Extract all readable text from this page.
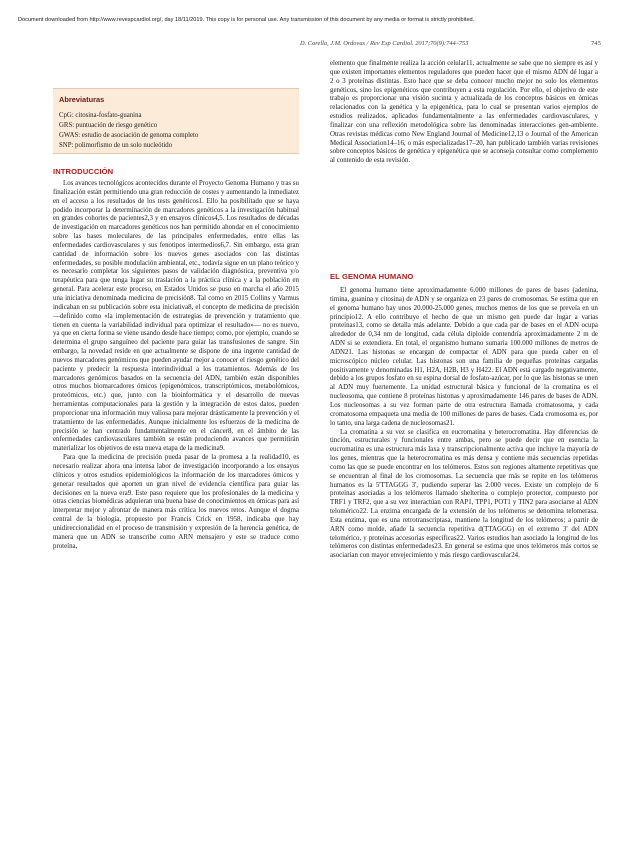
Document downloaded from http://www.revespcardiol.org/, day 18/11/2019. This copy is for personal use. Any transmission of this document by any media or format is strictly prohibited.
D. Corella, J.M. Ordovas / Rev Esp Cardiol. 2017;70(9):744–753	745
Abreviaturas
CpG: citosina-fosfato-guanina
GRS: puntuación de riesgo genético
GWAS: estudio de asociación de genoma completo
SNP: polimorfismo de un solo nucleótido
INTRODUCCIÓN

Los avances tecnológicos acontecidos durante el Proyecto Genoma Humano y tras su finalización están permitiendo una gran reducción de costes y aumentando la inmediatez en el acceso a los resultados de los tests genéticos1. Ello ha posibilitado que se haya podido incorporar la determinación de marcadores genéticos a la investigación habitual en grandes cohortes de pacientes2,3 y en ensayos clínicos4,5. Los resultados de décadas de investigación en marcadores genéticos nos han permitido ahondar en el conocimiento sobre las bases moleculares de las principales enfermedades, entre ellas las enfermedades cardiovasculares y sus fenotipos intermedios6,7. Sin embargo, esta gran cantidad de información sobre los nuevos genes asociados con las distintas enfermedades, su posible modulación ambiental, etc., todavía sigue en un plano teórico y es necesario completar los siguientes pasos de validación diagnóstica, preventiva y/o terapéutica para que tenga lugar su traslación a la práctica clínica y a la población en general. Para acelerar este proceso, en Estados Unidos se puso en marcha el año 2015 una iniciativa denominada medicina de precisión8. Tal como en 2015 Collins y Varmus indicaban en su publicación sobre esta iniciativa8, el concepto de medicina de precisión —definido como «la implementación de estrategias de prevención y tratamiento que tienen en cuenta la variabilidad individual para optimizar el resultado»— no es nuevo, ya que en cierta forma se viene usando desde hace tiempo; como, por ejemplo, cuando se determina el grupo sanguíneo del paciente para guiar las transfusiones de sangre. Sin embargo, la novedad reside en que actualmente se dispone de una ingente cantidad de nuevos marcadores genómicos que pueden ayudar mejor a conocer el riesgo genético del paciente y predecir la respuesta interindividual a los tratamientos. Además de los marcadores genómicos basados en la secuencia del ADN, también están disponibles otros muchos biomarcadores ómicos (epigenómicos, transcriptómicos, metabolómicos, proteómicos, etc.) que, junto con la bioinformática y el desarrollo de nuevas herramientas computacionales para la gestión y la integración de estos datos, pueden proporcionar una información muy valiosa para mejorar drásticamente la prevención y el tratamiento de las enfermedades. Aunque inicialmente los esfuerzos de la medicina de precisión se han centrado fundamentalmente en el cáncer8, en el ámbito de las enfermedades cardiovasculares también se están produciendo avances que permitirán materializar los objetivos de esta nueva etapa de la medicina9.

Para que la medicina de precisión pueda pasar de la promesa a la realidad10, es necesario realizar ahora una intensa labor de investigación incorporando a los ensayos clínicos y otros estudios epidemiológicos la información de los marcadores ómicos y generar resultados que aporten un gran nivel de evidencia científica para guiar las decisiones en la nueva era9. Este paso requiere que los profesionales de la medicina y otras ciencias biomédicas adquieran una buena base de conocimientos en ómicas para así interpretar mejor y afrontar de manera más crítica los nuevos retos. Aunque el dogma central de la biología, propuesto por Francis Crick en 1958, indicaba que hay unidireccionalidad en el proceso de transmisión y expresión de la herencia genética, de manera que un ADN se transcribe como ARN mensajero y este se traduce como proteína,

elemento que finalmente realiza la acción celular11, actualmente se sabe que no siempre es así y que existen importantes elementos reguladores que pueden hacer que el mismo ADN dé lugar a 2 o 3 proteínas distintas. Esto hace que se deba conocer mucho mejor no solo los elementos genéticos, sino los epigenéticos que contribuyen a esta regulación. Por ello, el objetivo de este trabajo es proporcionar una visión sucinta y actualizada de los conceptos básicos en ómicas relacionados con la genética y la epigenética, para lo cual se presentan varios ejemplos de estudios realizados, aplicados fundamentalmente a las enfermedades cardiovasculares, y finalizar con una reflexión metodológica sobre las denominadas interacciones gen-ambiente. Otras revistas médicas como New England Journal of Medicine12,13 o Journal of the American Medical Association14–16, o más especializadas17–20, han publicado también varias revisiones sobre conceptos básicos de genética y epigenética que se aconseja consultar como complemento al contenido de esta revisión.

EL GENOMA HUMANO

El genoma humano tiene aproximadamente 6.000 millones de pares de bases (adenina, timina, guanina y citosina) de ADN y se organiza en 23 pares de cromosomas. Se estima que en el genoma humano hay unos 20.000-25.000 genes, muchos menos de los que se preveía en un principio12. A ello contribuye el hecho de que un mismo gen puede dar lugar a varias proteínas13, como se detalla más adelante. Debido a que cada par de bases en el ADN ocupa alrededor de 0,34 nm de longitud, cada célula diploide contendría aproximadamente 2 m de ADN si se extendiera. En total, el organismo humano sumaría 100.000 millones de metros de ADN21. Las histonas se encargan de compactar el ADN para que pueda caber en el microscópico núcleo celular. Las histonas son una familia de pequeñas proteínas cargadas positivamente y denominadas H1, H2A, H2B, H3 y H422. El ADN está cargado negativamente, debido a los grupos fosfato en su espina dorsal de fosfato-azúcar, por lo que las histonas se unen al ADN muy fuertemente. La unidad estructural básica y funcional de la cromatina es el nucleosoma, que contiene 8 proteínas histonas y aproximadamente 146 pares de bases de ADN. Los nucleosomas a su vez forman parte de otra estructura llamada cromatosoma, y cada cromatosoma empaqueta una media de 100 millones de pares de bases. Cada cromosoma es, por lo tanto, una larga cadena de nucleosomas21.

La cromatina a su vez se clasifica en eucromatina y heterocromatina. Hay diferencias de tinción, estructurales y funcionales entre ambas, pero se puede decir que en esencia la eucromatina es una estructura más laxa y transcripcionalmente activa que incluye la mayoría de los genes, mientras que la heterocromatina es más densa y contiene más secuencias repetidas como las que se puede encontrar en los telómeros. Estos son regiones altamente repetitivas que se encuentran al final de los cromosomas. La secuencia que más se repite en los telómeros humanos es la 5'TTAGGG 3', pudiendo superar las 2.000 veces. Existe un complejo de 6 proteínas asociadas a los telómeros llamado shelterina o complejo protector, compuesto por TRF1 y TRF2, que a su vez interactúan con RAP1, TPP1, POT1 y TIN2 para asociarse al ADN telomérico22. La enzima encargada de la extensión de los telómeros se denomina telomerasa. Esta enzima, que es una retrotranscriptasa, mantiene la longitud de los telómeros; a partir de ARN como molde, añade la secuencia repetitiva d(TTAGGG) en el extremo 3' del ADN telomérico, y proteínas accesorias específicas22. Varios estudios han asociado la longitud de los telómeros con distintas enfermedades23. En general se estima que unos telómeros más cortos se asociarían con mayor envejecimiento y más riesgo cardiovascular24.
